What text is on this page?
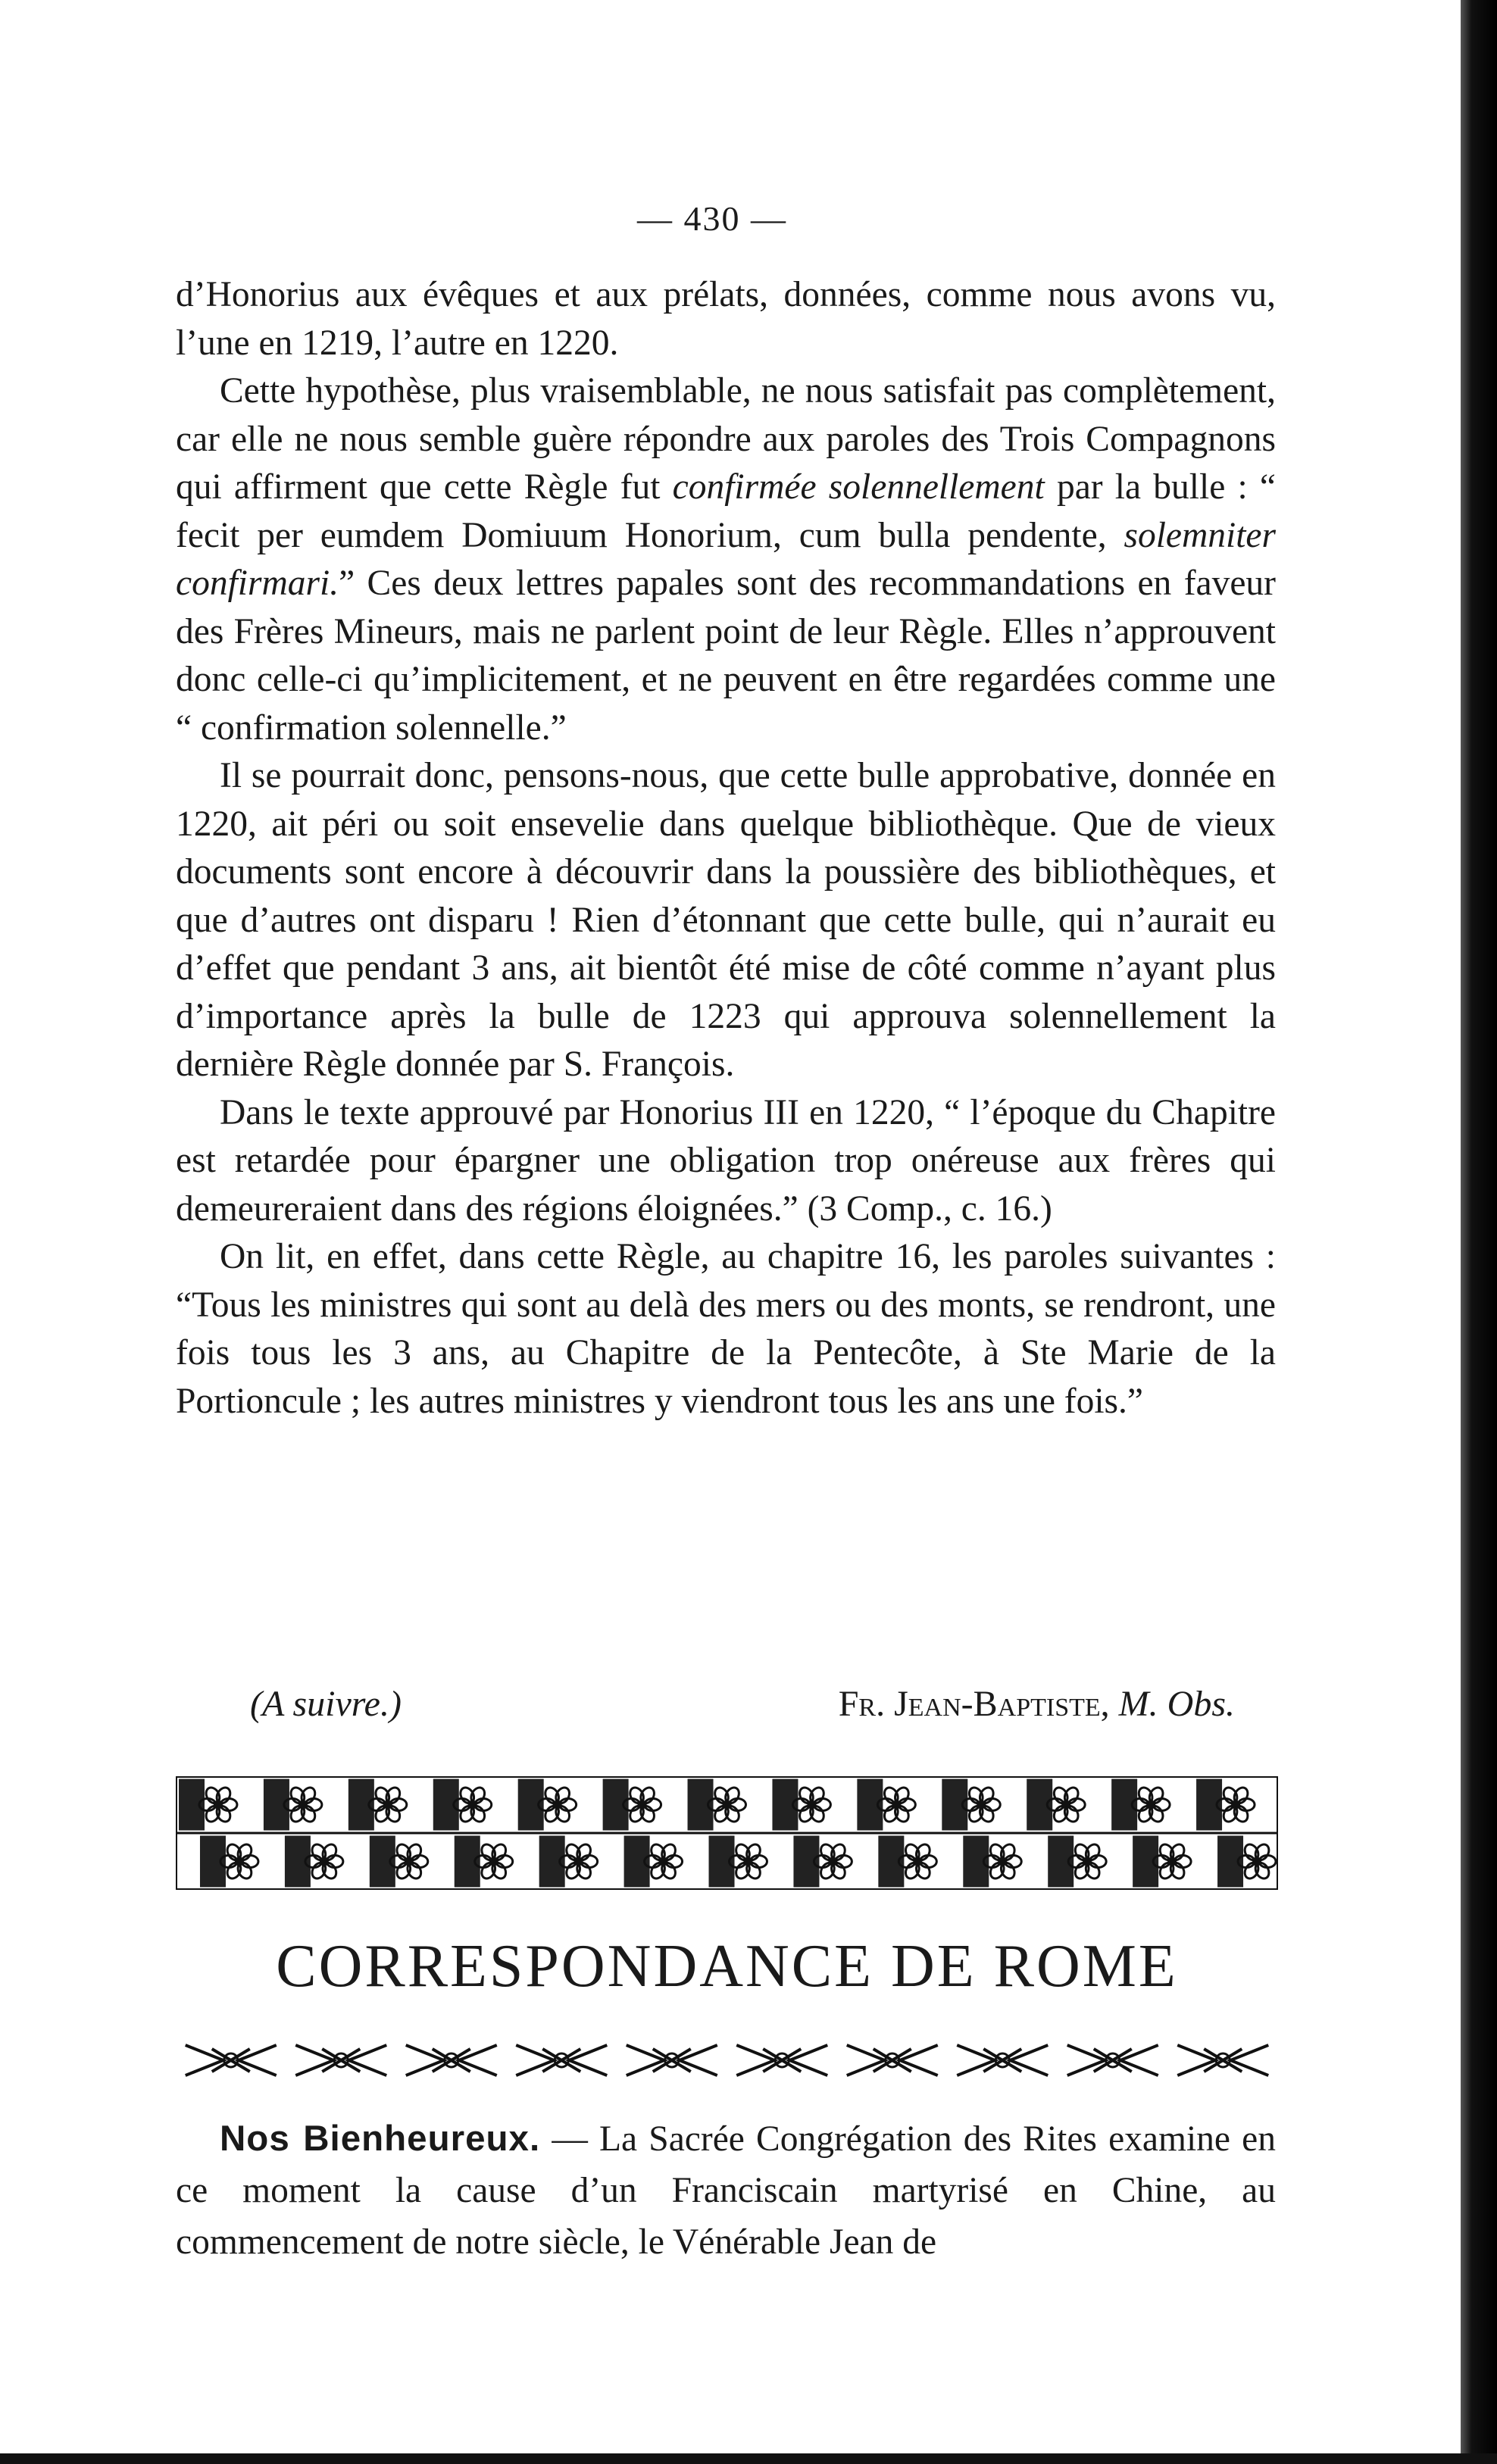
— 430 —

d’Honorius aux évêques et aux prélats, données, comme nous avons vu, l’une en 1219, l’autre en 1220.

Cette hypothèse, plus vraisemblable, ne nous satisfait pas complètement, car elle ne nous semble guère répondre aux paroles des Trois Compagnons qui affirment que cette Règle fut confirmée solennellement par la bulle : “ fecit per eumdem Domiuum Honorium, cum bulla pendente, solemniter confirmari.” Ces deux lettres papales sont des recommandations en faveur des Frères Mineurs, mais ne parlent point de leur Règle. Elles n’approuvent donc celle-ci qu’implicitement, et ne peuvent en être regardées comme une “ confirmation solennelle.”

Il se pourrait donc, pensons-nous, que cette bulle approbative, donnée en 1220, ait péri ou soit ensevelie dans quelque bibliothèque. Que de vieux documents sont encore à découvrir dans la poussière des bibliothèques, et que d’autres ont disparu ! Rien d’étonnant que cette bulle, qui n’aurait eu d’effet que pendant 3 ans, ait bientôt été mise de côté comme n’ayant plus d’importance après la bulle de 1223 qui approuva solennellement la dernière Règle donnée par S. François.

Dans le texte approuvé par Honorius III en 1220, “ l’époque du Chapitre est retardée pour épargner une obligation trop onéreuse aux frères qui demeureraient dans des régions éloignées.” (3 Comp., c. 16.)

On lit, en effet, dans cette Règle, au chapitre 16, les paroles suivantes : “Tous les ministres qui sont au delà des mers ou des monts, se rendront, une fois tous les 3 ans, au Chapitre de la Pentecôte, à Ste Marie de la Portioncule ; les autres ministres y viendront tous les ans une fois.”

(A suivre.)	Fr. Jean-Baptiste, M. Obs.
CORRESPONDANCE DE ROME

Nos Bienheureux. — La Sacrée Congrégation des Rites examine en ce moment la cause d’un Franciscain martyrisé en Chine, au commencement de notre siècle, le Vénérable Jean de
